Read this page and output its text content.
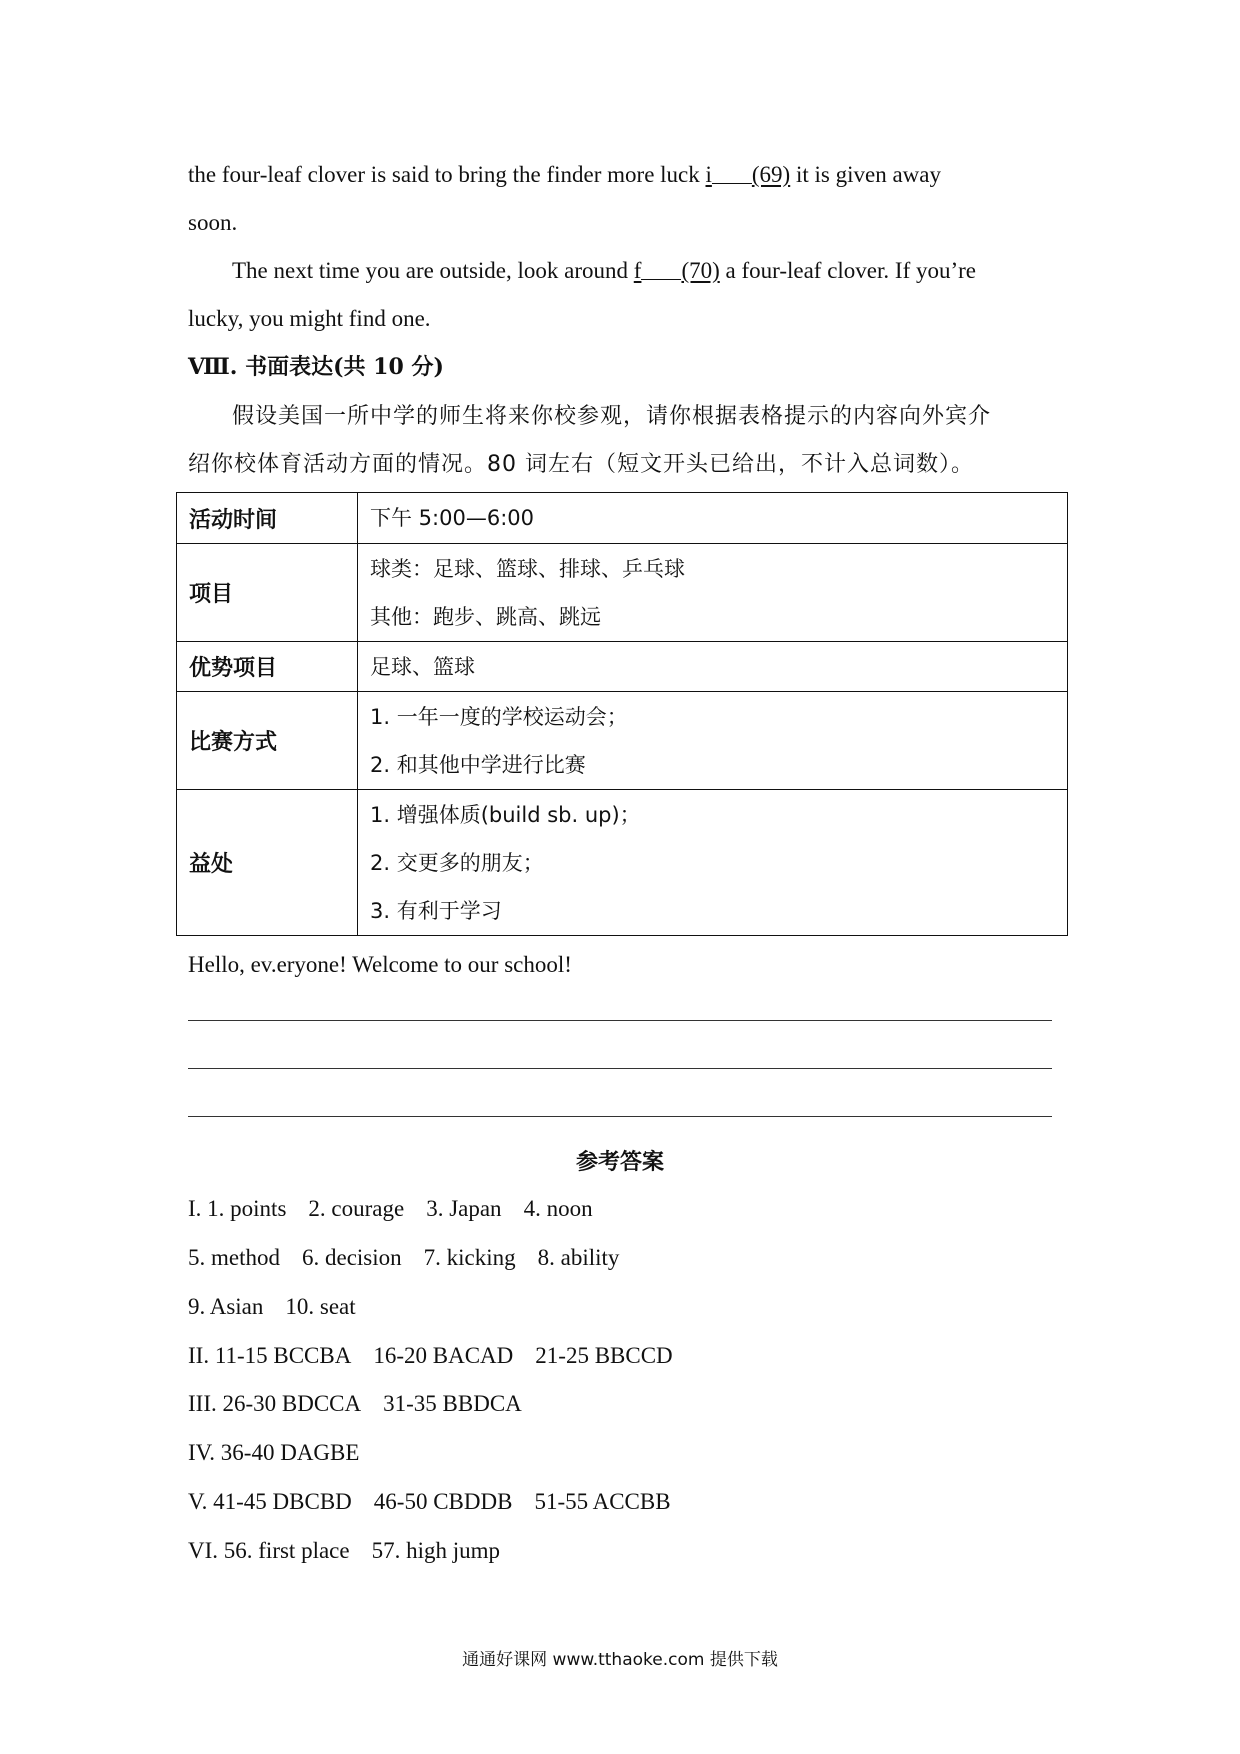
the four-leaf clover is said to bring the finder more luck i (69) it is given away
soon.
The next time you are outside, look around f (70) a four-leaf clover. If you’re
lucky, you might find one.
Ⅷ. 书面表达(共 10 分)
假设美国一所中学的师生将来你校参观，请你根据表格提示的内容向外宾介
绍你校体育活动方面的情况。80 词左右（短文开头已给出，不计入总词数）。
活动时间	下午 5:00—6:00

项目	球类：足球、篮球、排球、乒乓球
其他：跑步、跳高、跳远

优势项目	足球、篮球

比赛方式	1. 一年一度的学校运动会；
2. 和其他中学进行比赛

益处	1. 增强体质(build sb. up)；
2. 交更多的朋友；
3. 有利于学习
Hello, ev.eryone! Welcome to our school!
参考答案
I. 1. points 2. courage 3. Japan 4. noon
5. method 6. decision 7. kicking 8. ability
9. Asian 10. seat
II. 11-15 BCCBA 16-20 BACAD 21-25 BBCCD
III. 26-30 BDCCA 31-35 BBDCA
IV. 36-40 DAGBE
V. 41-45 DBCBD 46-50 CBDDB 51-55 ACCBB
VI. 56. first place 57. high jump
通通好课网 www.tthaoke.com 提供下载
